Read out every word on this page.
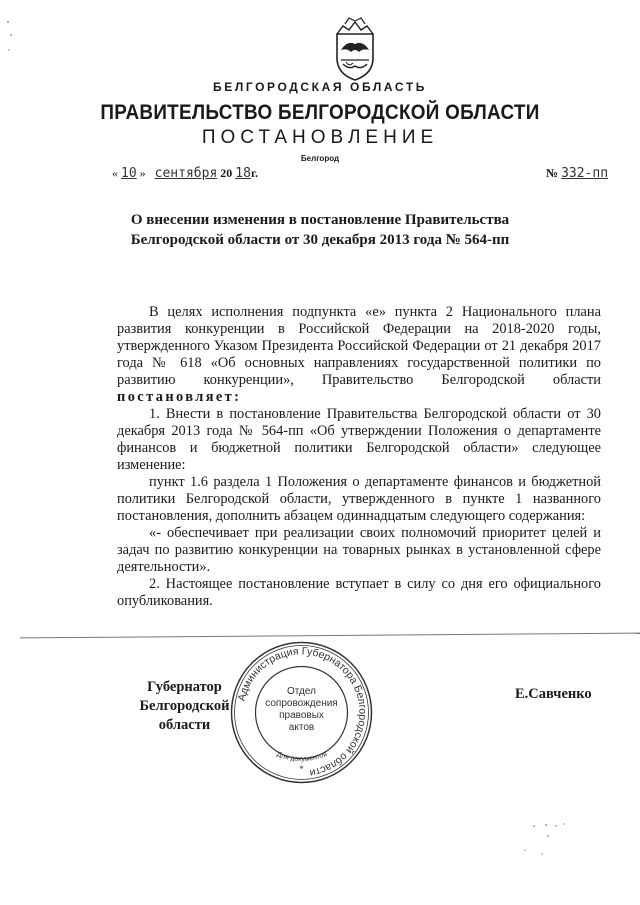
БЕЛГОРОДСКАЯ ОБЛАСТЬ
ПРАВИТЕЛЬСТВО БЕЛГОРОДСКОЙ ОБЛАСТИ
ПОСТАНОВЛЕНИЕ
Белгород
« 10 » сентября 20 18г.	№ 332-пп
О внесении изменения в постановление Правительства
Белгородской области от 30 декабря 2013 года № 564-пп

В целях исполнения подпункта «е» пункта 2 Национального плана развития конкуренции в Российской Федерации на 2018-2020 годы, утвержденного Указом Президента Российской Федерации от 21 декабря 2017 года № 618 «Об основных направлениях государственной политики по развитию конкуренции», Правительство Белгородской области постановляет:

1. Внести в постановление Правительства Белгородской области от 30 декабря 2013 года № 564-пп «Об утверждении Положения о департаменте финансов и бюджетной политики Белгородской области» следующее изменение:

пункт 1.6 раздела 1 Положения о департаменте финансов и бюджетной политики Белгородской области, утвержденного в пункте 1 названного постановления, дополнить абзацем одиннадцатым следующего содержания:

«- обеспечивает при реализации своих полномочий приоритет целей и задач по развитию конкуренции на товарных рынках в установленной сфере деятельности».

2. Настоящее постановление вступает в силу со дня его официального опубликования.

Губернатор
Белгородской области
Е.Савченко
Администрация Губернатора Белгородской области
Отдел
сопровождения
правовых
актов
Для документов
*
